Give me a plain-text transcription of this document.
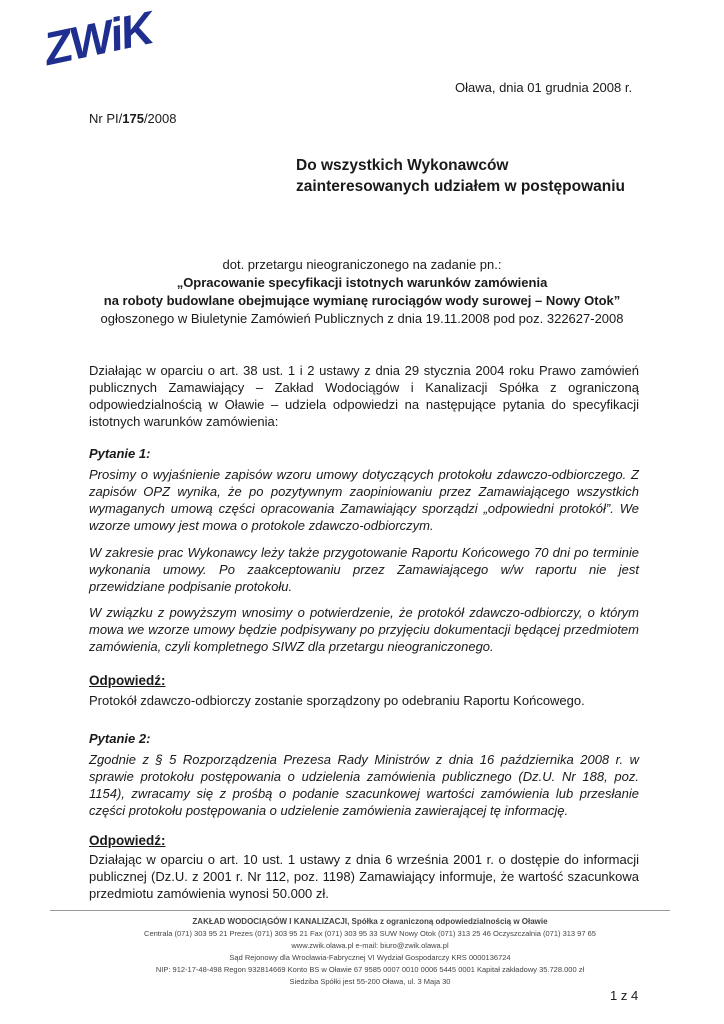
ZWiK
Oława, dnia 01 grudnia 2008 r.
Nr PI/175/2008
Do wszystkich Wykonawców
zainteresowanych udziałem w postępowaniu
dot. przetargu nieograniczonego na zadanie pn.:
„Opracowanie specyfikacji istotnych warunków zamówienia
na roboty budowlane obejmujące wymianę rurociągów wody surowej – Nowy Otok”
ogłoszonego w Biuletynie Zamówień Publicznych z dnia 19.11.2008 pod poz. 322627-2008
Działając w oparciu o art. 38 ust. 1 i 2 ustawy z dnia 29 stycznia 2004 roku Prawo zamówień publicznych Zamawiający – Zakład Wodociągów i Kanalizacji Spółka z ograniczoną odpowiedzialnością w Oławie – udziela odpowiedzi na następujące pytania do specyfikacji istotnych warunków zamówienia:
Pytanie 1:
Prosimy o wyjaśnienie zapisów wzoru umowy dotyczących protokołu zdawczo-odbiorczego. Z zapisów OPZ wynika, że po pozytywnym zaopiniowaniu przez Zamawiającego wszystkich wymaganych umową części opracowania Zamawiający sporządzi „odpowiedni protokół”. We wzorze umowy jest mowa o protokole zdawczo-odbiorczym.
W zakresie prac Wykonawcy leży także przygotowanie Raportu Końcowego 70 dni po terminie wykonania umowy. Po zaakceptowaniu przez Zamawiającego w/w raportu nie jest przewidziane podpisanie protokołu.
W związku z powyższym wnosimy o potwierdzenie, że protokół zdawczo-odbiorczy, o którym mowa we wzorze umowy będzie podpisywany po przyjęciu dokumentacji będącej przedmiotem zamówienia, czyli kompletnego SIWZ dla przetargu nieograniczonego.
Odpowiedź:
Protokół zdawczo-odbiorczy zostanie sporządzony po odebraniu Raportu Końcowego.
Pytanie 2:
Zgodnie z § 5 Rozporządzenia Prezesa Rady Ministrów z dnia 16 października 2008 r. w sprawie protokołu postępowania o udzielenia zamówienia publicznego (Dz.U. Nr 188, poz. 1154), zwracamy się z prośbą o podanie szacunkowej wartości zamówienia lub przesłanie części protokołu postępowania o udzielenie zamówienia zawierającej tę informację.
Odpowiedź:
Działając w oparciu o art. 10 ust. 1 ustawy z dnia 6 września 2001 r. o dostępie do informacji publicznej (Dz.U. z 2001 r. Nr 112, poz. 1198) Zamawiający informuje, że wartość szacunkowa przedmiotu zamówienia wynosi 50.000 zł.
ZAKŁAD WODOCIĄGÓW I KANALIZACJI, Spółka z ograniczoną odpowiedzialnością w Oławie
Centrala (071) 303 95 21 Prezes (071) 303 95 21 Fax (071) 303 95 33 SUW Nowy Otok (071) 313 25 46 Oczyszczalnia (071) 313 97 65
www.zwik.olawa.pl e-mail: biuro@zwik.olawa.pl
Sąd Rejonowy dla Wrocławia-Fabrycznej VI Wydział Gospodarczy KRS 0000136724
NIP: 912-17-48-498 Regon 932814669 Konto BS w Oławie 67 9585 0007 0010 0006 5445 0001 Kapitał zakładowy 35.728.000 zł
Siedziba Spółki jest 55-200 Oława, ul. 3 Maja 30
1 z 4
